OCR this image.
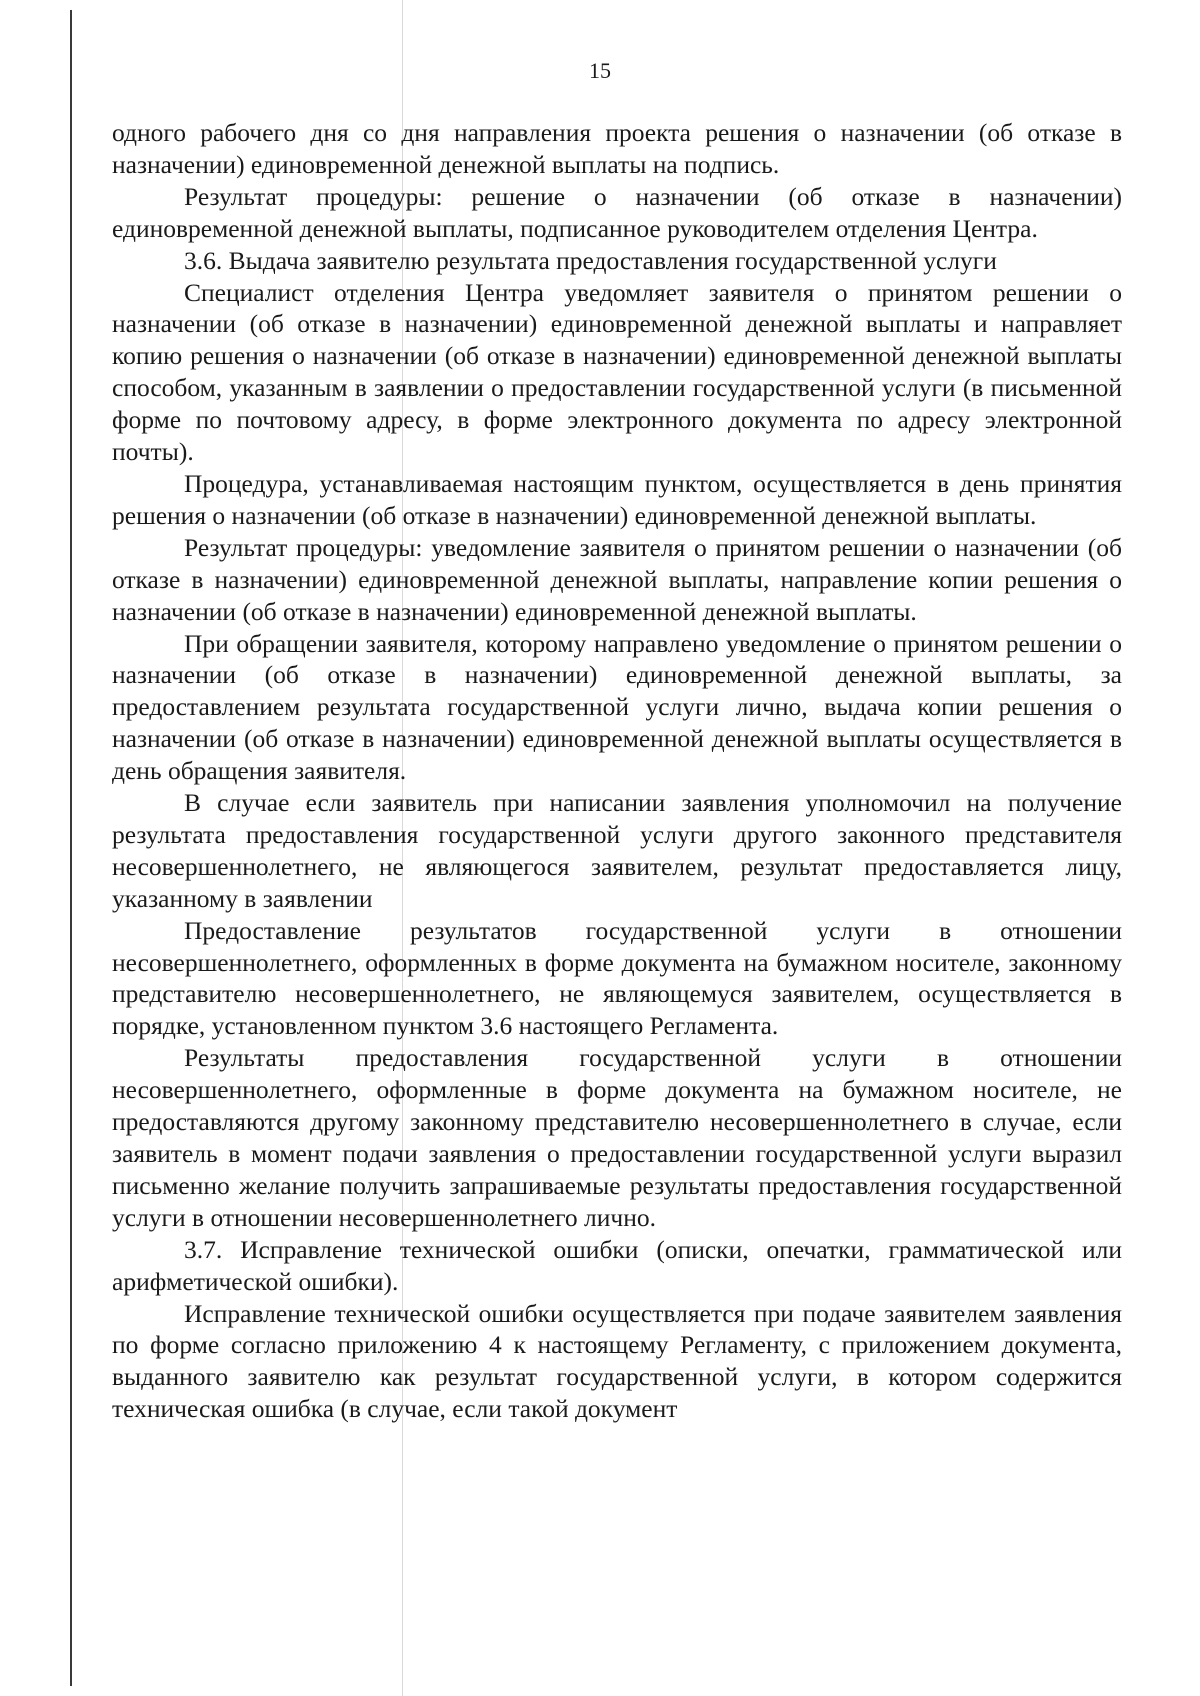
15

одного рабочего дня со дня направления проекта решения о назначении (об отказе в назначении) единовременной денежной выплаты на подпись.

Результат процедуры: решение о назначении (об отказе в назначении) единовременной денежной выплаты, подписанное руководителем отделения Центра.

3.6. Выдача заявителю результата предоставления государственной услуги

Специалист отделения Центра уведомляет заявителя о принятом решении о назначении (об отказе в назначении) единовременной денежной выплаты и направляет копию решения о назначении (об отказе в назначении) единовременной денежной выплаты способом, указанным в заявлении о предоставлении государственной услуги (в письменной форме по почтовому адресу, в форме электронного документа по адресу электронной почты).

Процедура, устанавливаемая настоящим пунктом, осуществляется в день принятия решения о назначении (об отказе в назначении) единовременной денежной выплаты.

Результат процедуры: уведомление заявителя о принятом решении о назначении (об отказе в назначении) единовременной денежной выплаты, направление копии решения о назначении (об отказе в назначении) единовременной денежной выплаты.

При обращении заявителя, которому направлено уведомление о принятом решении о назначении (об отказе в назначении) единовременной денежной выплаты, за предоставлением результата государственной услуги лично, выдача копии решения о назначении (об отказе в назначении) единовременной денежной выплаты осуществляется в день обращения заявителя.

В случае если заявитель при написании заявления уполномочил на получение результата предоставления государственной услуги другого законного представителя несовершеннолетнего, не являющегося заявителем, результат предоставляется лицу, указанному в заявлении

Предоставление результатов государственной услуги в отношении несовершеннолетнего, оформленных в форме документа на бумажном носителе, законному представителю несовершеннолетнего, не являющемуся заявителем, осуществляется в порядке, установленном пунктом 3.6 настоящего Регламента.

Результаты предоставления государственной услуги в отношении несовершеннолетнего, оформленные в форме документа на бумажном носителе, не предоставляются другому законному представителю несовершеннолетнего в случае, если заявитель в момент подачи заявления о предоставлении государственной услуги выразил письменно желание получить запрашиваемые результаты предоставления государственной услуги в отношении несовершеннолетнего лично.

3.7. Исправление технической ошибки (описки, опечатки, грамматической или арифметической ошибки).

Исправление технической ошибки осуществляется при подаче заявителем заявления по форме согласно приложению 4 к настоящему Регламенту, с приложением документа, выданного заявителю как результат государственной услуги, в котором содержится техническая ошибка (в случае, если такой документ
